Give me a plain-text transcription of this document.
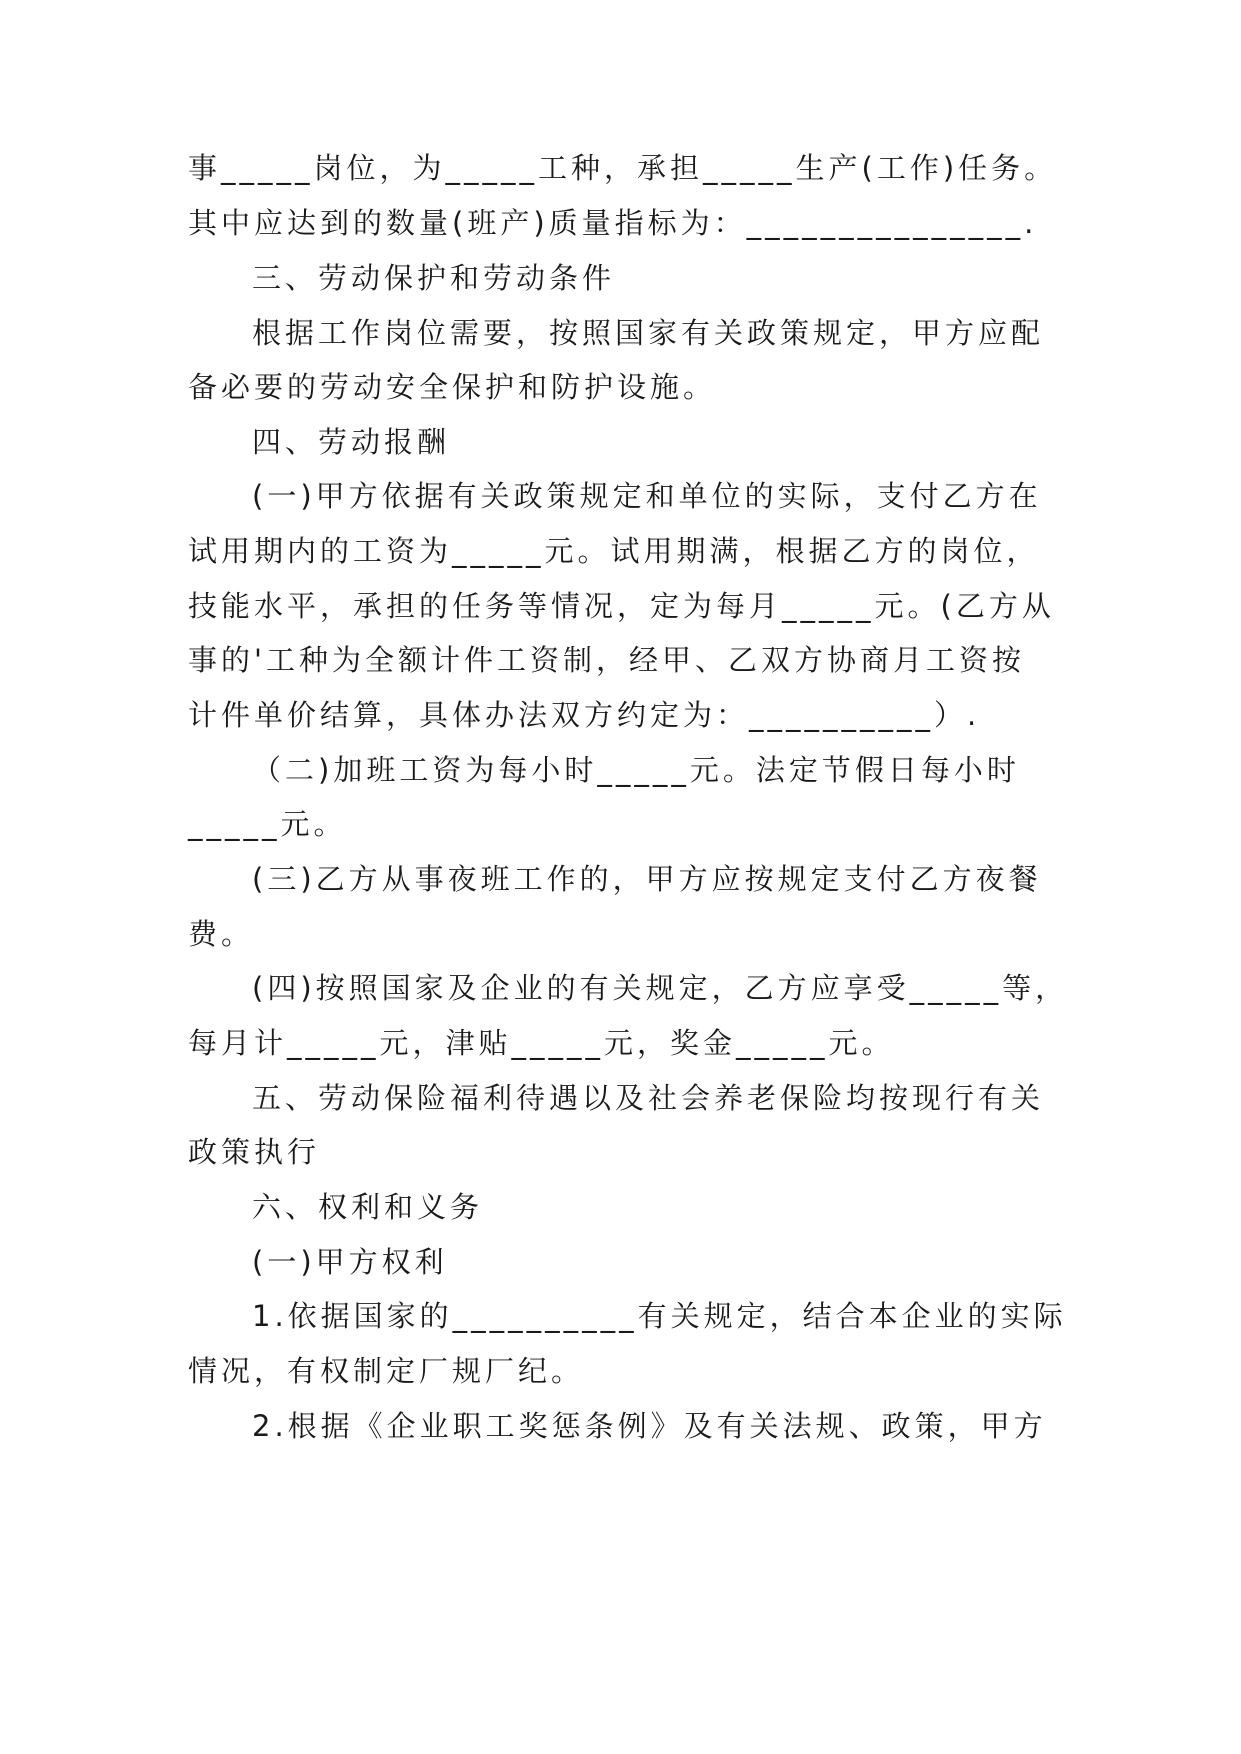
事_____岗位，为_____工种，承担_____生产(工作)任务。
其中应达到的数量(班产)质量指标为：_______________.
三、劳动保护和劳动条件
根据工作岗位需要，按照国家有关政策规定，甲方应配
备必要的劳动安全保护和防护设施。
四、劳动报酬
(一)甲方依据有关政策规定和单位的实际，支付乙方在
试用期内的工资为_____元。试用期满，根据乙方的岗位，
技能水平，承担的任务等情况，定为每月_____元。(乙方从
事的'工种为全额计件工资制，经甲、乙双方协商月工资按
计件单价结算，具体办法双方约定为：__________）.
（二)加班工资为每小时_____元。法定节假日每小时
_____元。
(三)乙方从事夜班工作的，甲方应按规定支付乙方夜餐
费。
(四)按照国家及企业的有关规定，乙方应享受_____等，
每月计_____元，津贴_____元，奖金_____元。
五、劳动保险福利待遇以及社会养老保险均按现行有关
政策执行
六、权利和义务
(一)甲方权利
1.依据国家的__________有关规定，结合本企业的实际
情况，有权制定厂规厂纪。
2.根据《企业职工奖惩条例》及有关法规、政策，甲方
